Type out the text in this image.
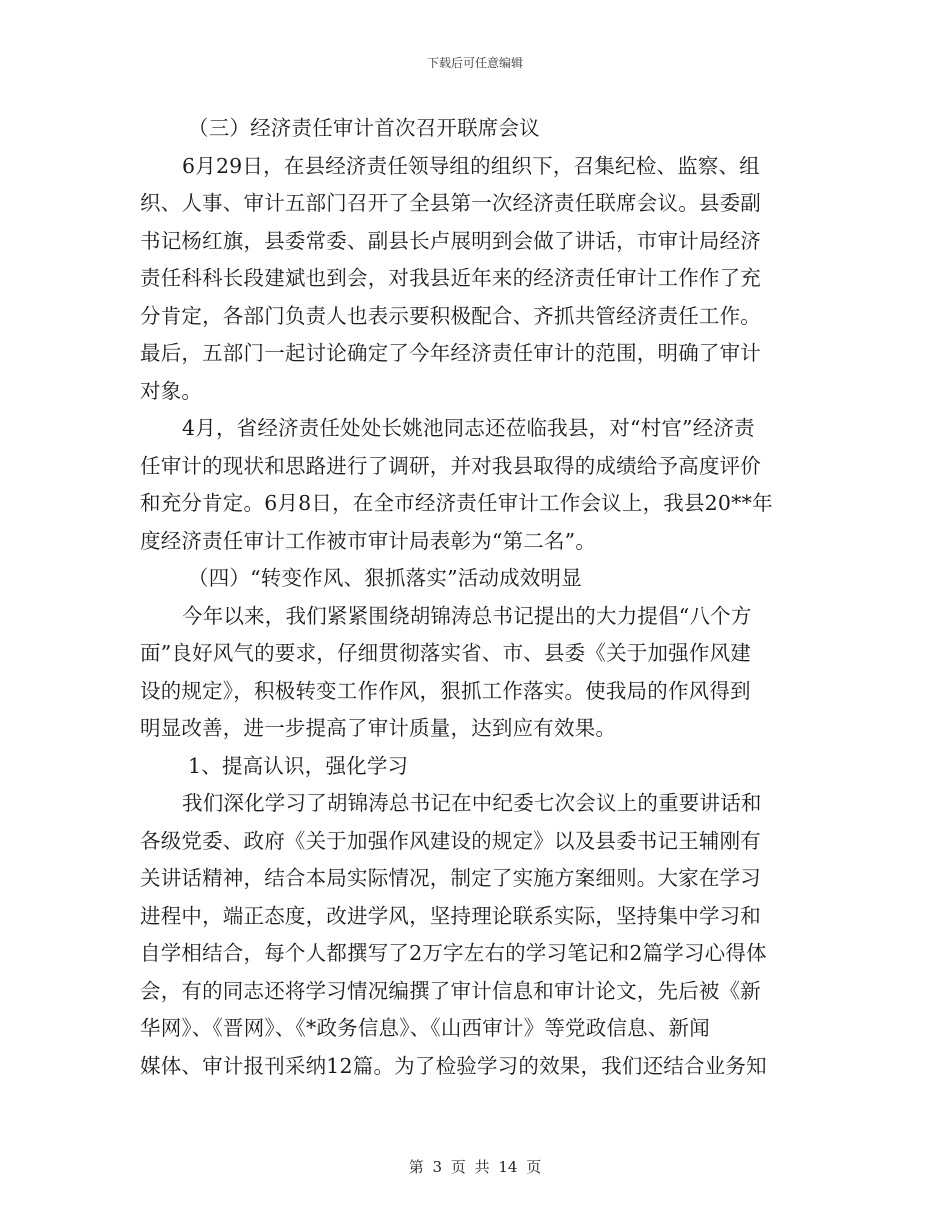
下载后可任意编辑
（三）经济责任审计首次召开联席会议
6月29日，在县经济责任领导组的组织下，召集纪检、监察、组
织、人事、审计五部门召开了全县第一次经济责任联席会议。县委副
书记杨红旗，县委常委、副县长卢展明到会做了讲话，市审计局经济
责任科科长段建斌也到会，对我县近年来的经济责任审计工作作了充
分肯定，各部门负责人也表示要积极配合、齐抓共管经济责任工作。
最后，五部门一起讨论确定了今年经济责任审计的范围，明确了审计
对象。
4月，省经济责任处处长姚池同志还莅临我县，对“村官”经济责
任审计的现状和思路进行了调研，并对我县取得的成绩给予高度评价
和充分肯定。6月8日，在全市经济责任审计工作会议上，我县20**年
度经济责任审计工作被市审计局表彰为“第二名”。
（四）“转变作风、狠抓落实”活动成效明显
今年以来，我们紧紧围绕胡锦涛总书记提出的大力提倡“八个方
面”良好风气的要求，仔细贯彻落实省、市、县委《关于加强作风建
设的规定》，积极转变工作作风，狠抓工作落实。使我局的作风得到
明显改善，进一步提高了审计质量，达到应有效果。
1、提高认识，强化学习
我们深化学习了胡锦涛总书记在中纪委七次会议上的重要讲话和
各级党委、政府《关于加强作风建设的规定》以及县委书记王辅刚有
关讲话精神，结合本局实际情况，制定了实施方案细则。大家在学习
进程中，端正态度，改进学风，坚持理论联系实际，坚持集中学习和
自学相结合，每个人都撰写了2万字左右的学习笔记和2篇学习心得体
会，有的同志还将学习情况编撰了审计信息和审计论文，先后被《新
华网》、《晋网》、《*政务信息》、《山西审计》等党政信息、新闻
媒体、审计报刊采纳12篇。为了检验学习的效果，我们还结合业务知
第 3 页 共 14 页
